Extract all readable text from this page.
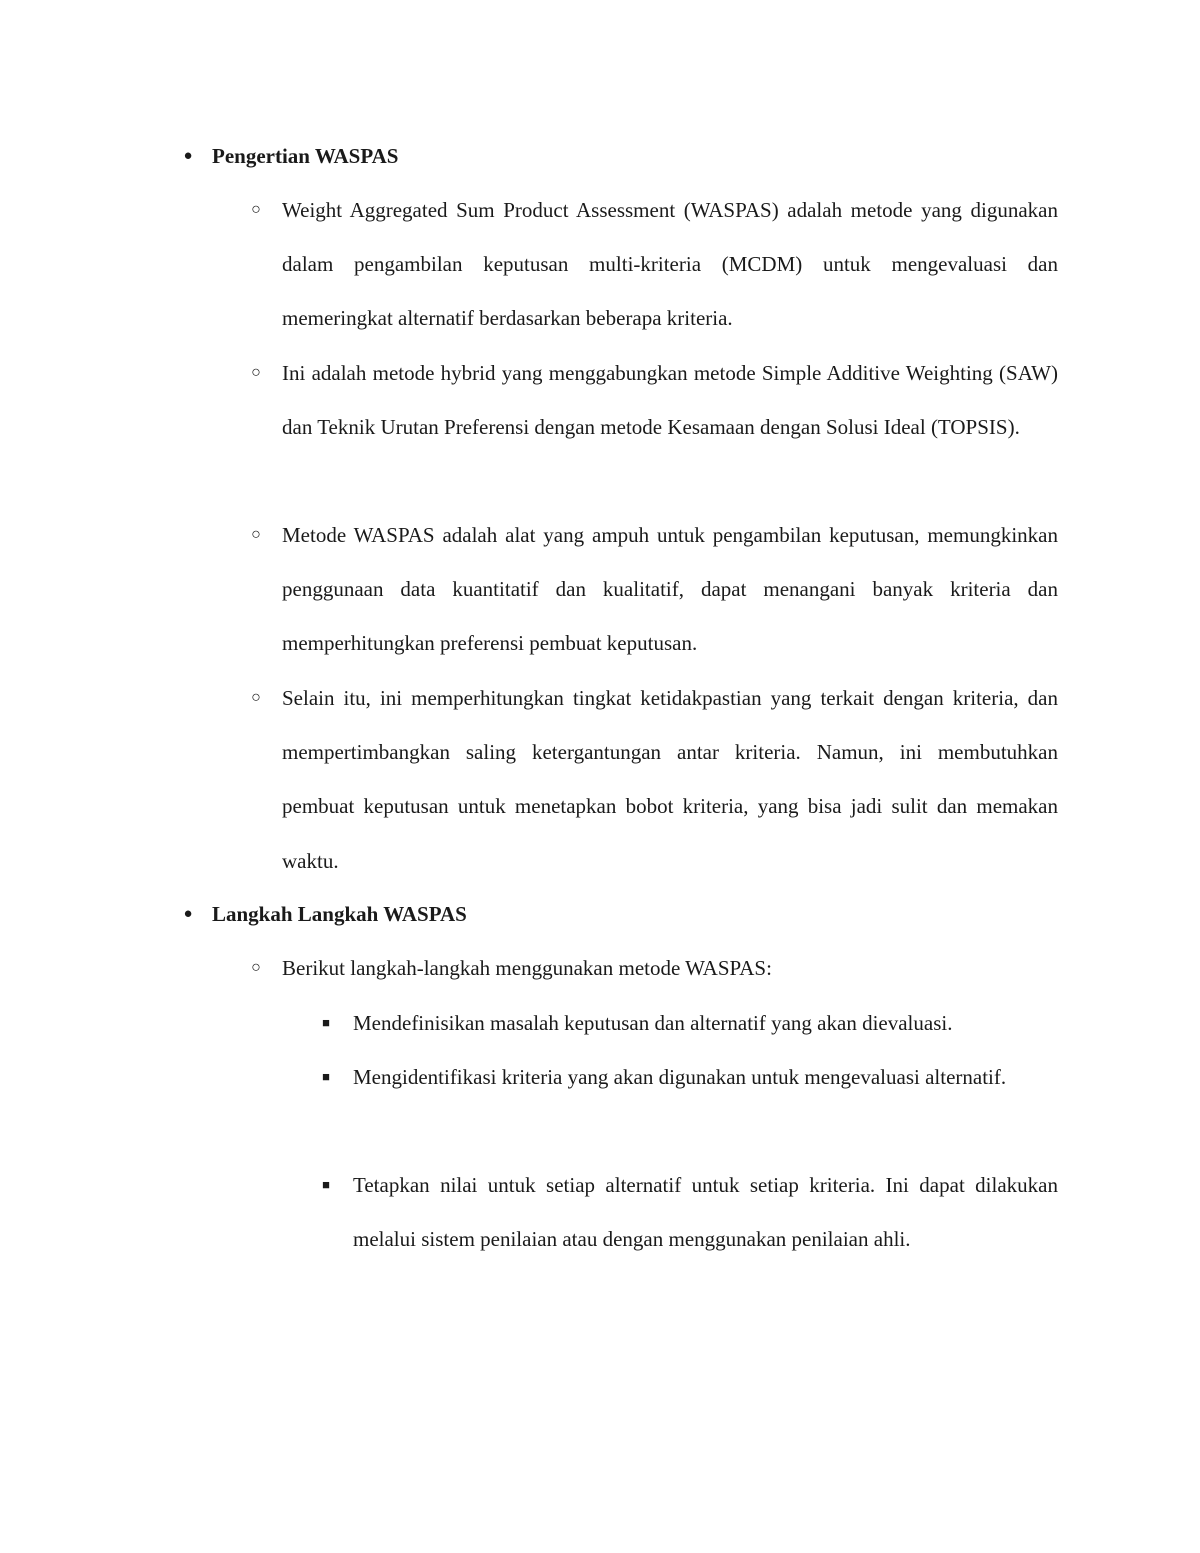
● Pengertian WASPAS
○	Weight Aggregated Sum Product Assessment (WASPAS) adalah metode yang digunakan dalam pengambilan keputusan multi-kriteria (MCDM) untuk mengevaluasi dan memeringkat alternatif berdasarkan beberapa kriteria.
○	Ini adalah metode hybrid yang menggabungkan metode Simple Additive Weighting (SAW) dan Teknik Urutan Preferensi dengan metode Kesamaan dengan Solusi Ideal (TOPSIS).
○	Metode WASPAS adalah alat yang ampuh untuk pengambilan keputusan, memungkinkan penggunaan data kuantitatif dan kualitatif, dapat menangani banyak kriteria dan memperhitungkan preferensi pembuat keputusan.
○	Selain itu, ini memperhitungkan tingkat ketidakpastian yang terkait dengan kriteria, dan mempertimbangkan saling ketergantungan antar kriteria. Namun, ini membutuhkan pembuat keputusan untuk menetapkan bobot kriteria, yang bisa jadi sulit dan memakan waktu.
● Langkah Langkah WASPAS
○	Berikut langkah-langkah menggunakan metode WASPAS:
■	Mendefinisikan masalah keputusan dan alternatif yang akan dievaluasi.
■	Mengidentifikasi kriteria yang akan digunakan untuk mengevaluasi alternatif.
■	Tetapkan nilai untuk setiap alternatif untuk setiap kriteria. Ini dapat dilakukan melalui sistem penilaian atau dengan menggunakan penilaian ahli.
